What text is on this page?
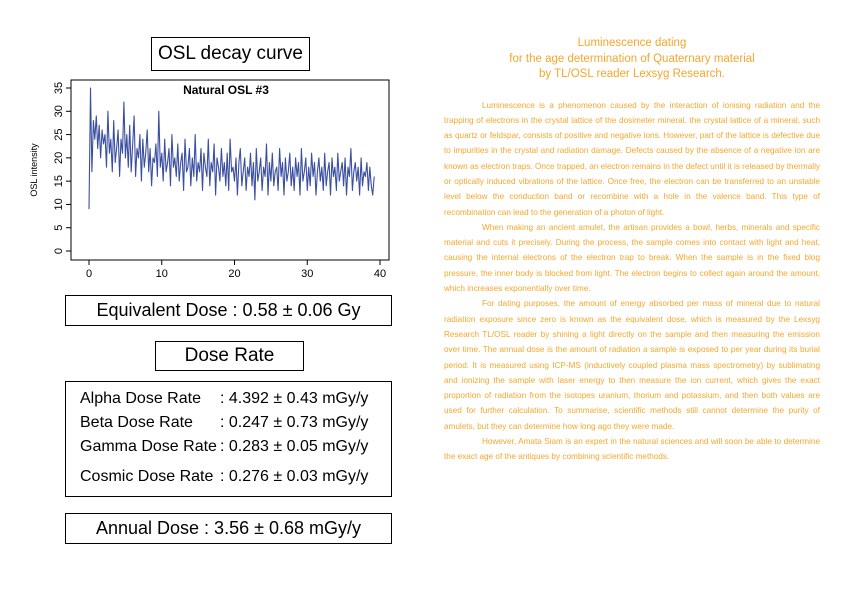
OSL decay curve
Natural OSL #3
0	10	20	30	40
0
5
10
15
20
25
30
35
OSL intensity
Equivalent Dose : 0.58 ± 0.06 Gy
Dose Rate
Alpha Dose Rate : 4.392 ± 0.43 mGy/y
Beta Dose Rate : 0.247 ± 0.73 mGy/y
Gamma Dose Rate : 0.283 ± 0.05 mGy/y
Cosmic Dose Rate : 0.276 ± 0.03 mGy/y
Annual Dose : 3.56 ± 0.68 mGy/y
Luminescence dating
for the age determination of Quaternary material
by TL/OSL reader Lexsyg Research.

Luminescence is a phenomenon caused by the interaction of ionising radiation and the trapping of electrons in the crystal lattice of the dosimeter mineral. the crystal lattice of a mineral, such as quartz or feldspar, consists of positive and negative ions. However, part of the lattice is defective due to impurities in the crystal and radiation damage. Defects caused by the absence of a negative ion are known as electron traps. Once trapped, an electron remains in the defect until it is released by thermally or optically induced vibrations of the lattice. Once free, the electron can be transferred to an unstable level below the conduction band or recombine with a hole in the valence band. This type of recombination can lead to the generation of a photon of light.

When making an ancient amulet, the artisan provides a bowl, herbs, minerals and specific material and cuts it precisely. During the process, the sample comes into contact with light and heat, causing the internal electrons of the electron trap to break. When the sample is in the fixed blog pressure, the inner body is blocked from light. The electron begins to collect again around the amount, which increases exponentially over time.

For dating purposes, the amount of energy absorbed per mass of mineral due to natural radiation exposure since zero is known as the equivalent dose, which is measured by the Lexsyg Research TL/OSL reader by shining a light directly on the sample and then measuring the emission over time. The annual dose is the amount of radiation a sample is exposed to per year during its burial period. It is measured using ICP-MS (inductively coupled plasma mass spectrometry) by sublimating and ionizing the sample with laser energy to then measure the ion current, which gives the exact proportion of radiation from the isotopes uranium, thorium and potassium, and then both values are used for further calculation. To summarise, scientific methods still cannot determine the purity of amulets, but they can determine how long ago they were made.

However, Amata Siam is an expert in the natural sciences and will soon be able to determine the exact age of the antiques by combining scientific methods.
